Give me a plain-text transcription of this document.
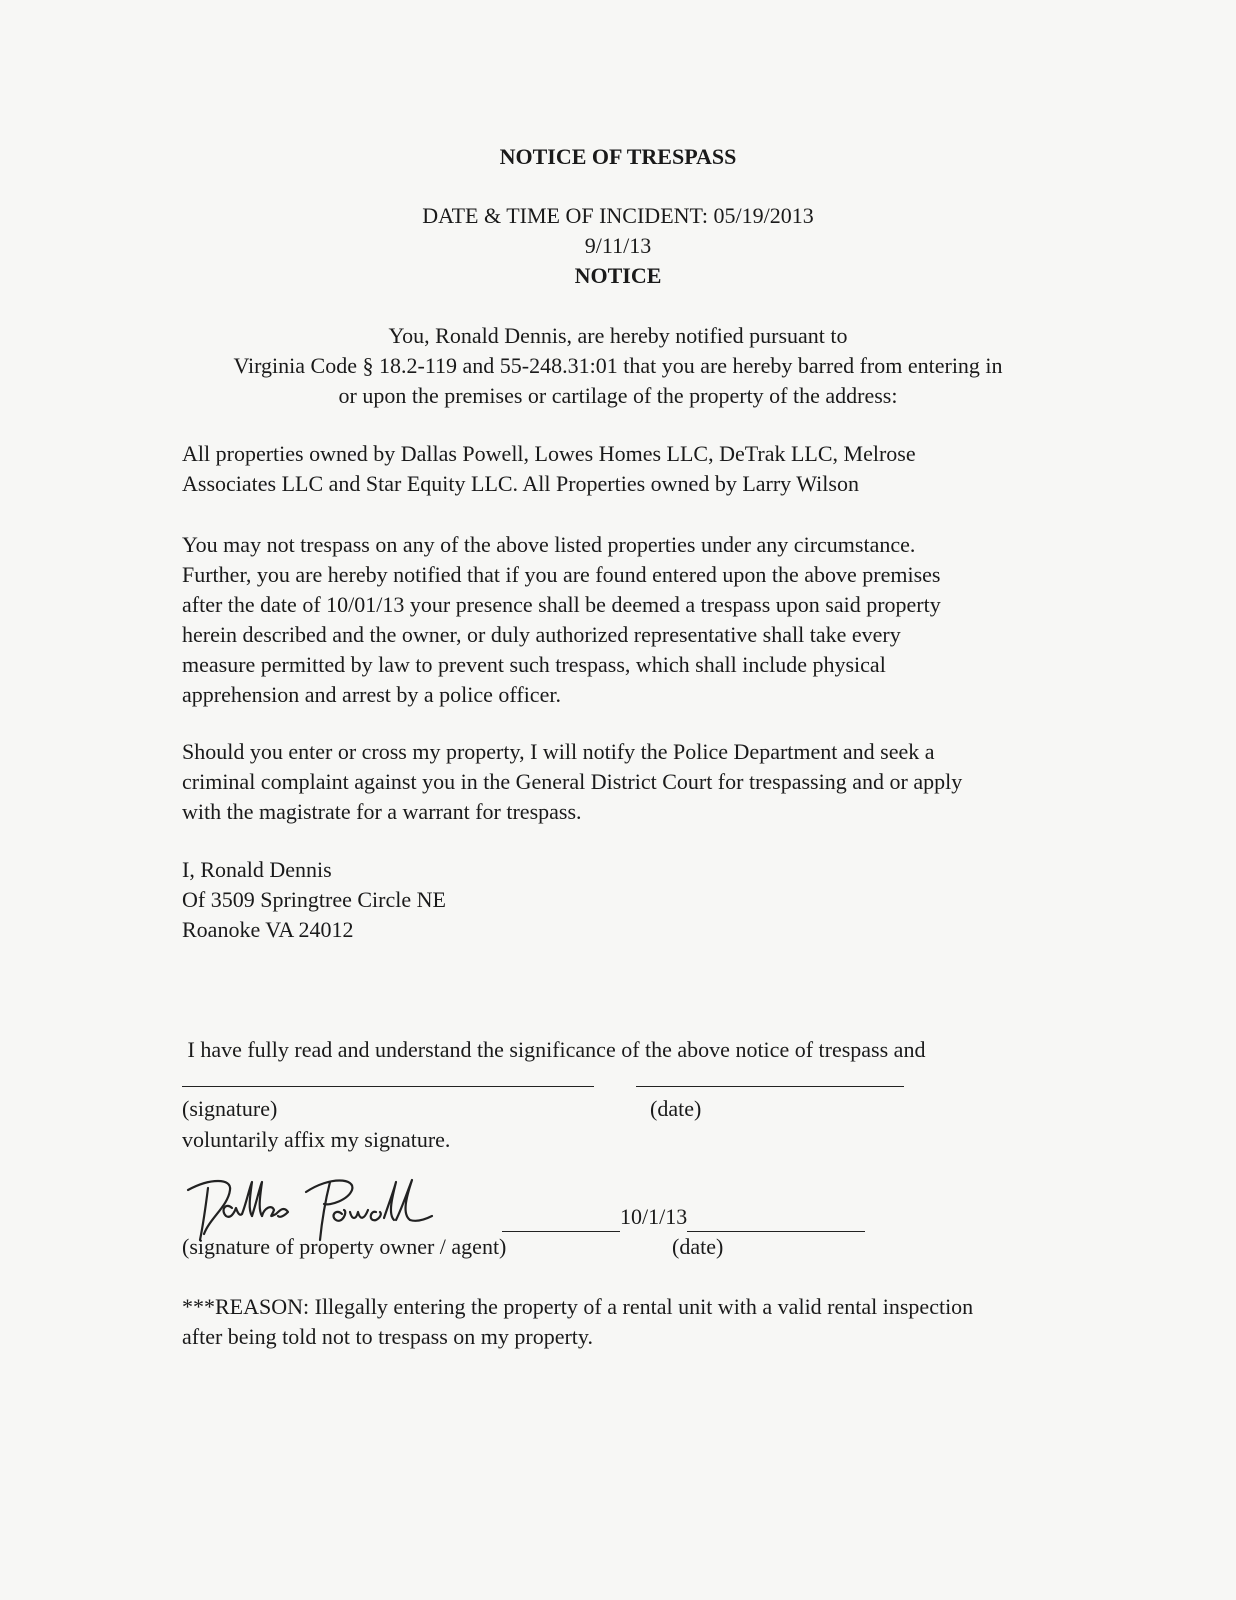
NOTICE OF TRESPASS
DATE & TIME OF INCIDENT: 05/19/2013
9/11/13
NOTICE
You, Ronald Dennis, are hereby notified pursuant to
Virginia Code § 18.2-119 and 55-248.31:01 that you are hereby barred from entering in
or upon the premises or cartilage of the property of the address:
All properties owned by Dallas Powell, Lowes Homes LLC, DeTrak LLC, Melrose
Associates LLC and Star Equity LLC. All Properties owned by Larry Wilson
You may not trespass on any of the above listed properties under any circumstance.
Further, you are hereby notified that if you are found entered upon the above premises
after the date of 10/01/13 your presence shall be deemed a trespass upon said property
herein described and the owner, or duly authorized representative shall take every
measure permitted by law to prevent such trespass, which shall include physical
apprehension and arrest by a police officer.
Should you enter or cross my property, I will notify the Police Department and seek a
criminal complaint against you in the General District Court for trespassing and or apply
with the magistrate for a warrant for trespass.
I, Ronald Dennis
Of 3509 Springtree Circle NE
Roanoke VA 24012

I have fully read and understand the significance of the above notice of trespass and

voluntarily affix my signature.

(signature)	(date)
10/1/13
(signature of property owner / agent)	(date)
***REASON: Illegally entering the property of a rental unit with a valid rental inspection
after being told not to trespass on my property.
